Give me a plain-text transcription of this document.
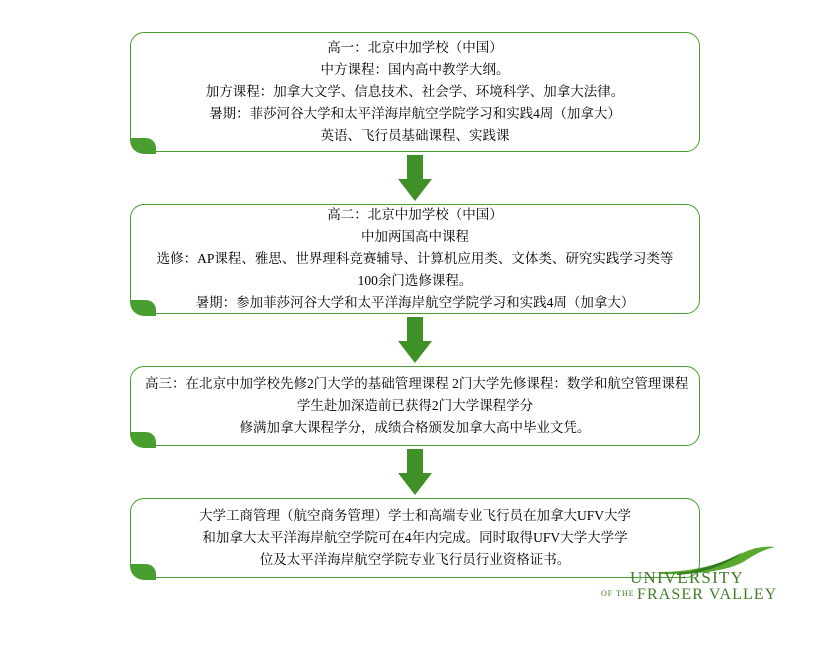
高一：北京中加学校（中国）
中方课程：国内高中教学大纲。
加方课程：加拿大文学、信息技术、社会学、环境科学、加拿大法律。
暑期：菲莎河谷大学和太平洋海岸航空学院学习和实践4周（加拿大）
英语、飞行员基础课程、实践课
高二：北京中加学校（中国）
中加两国高中课程
选修：AP课程、雅思、世界理科竞赛辅导、计算机应用类、文体类、研究实践学习类等
100余门选修课程。
暑期：参加菲莎河谷大学和太平洋海岸航空学院学习和实践4周（加拿大）
高三：在北京中加学校先修2门大学的基础管理课程 2门大学先修课程：数学和航空管理课程
学生赴加深造前已获得2门大学课程学分
修满加拿大课程学分，成绩合格颁发加拿大高中毕业文凭。
大学工商管理（航空商务管理）学士和高端专业飞行员在加拿大UFV大学
和加拿大太平洋海岸航空学院可在4年内完成。同时取得UFV大学大学学
位及太平洋海岸航空学院专业飞行员行业资格证书。
UNIVERSITY
OF THE FRASER VALLEY
